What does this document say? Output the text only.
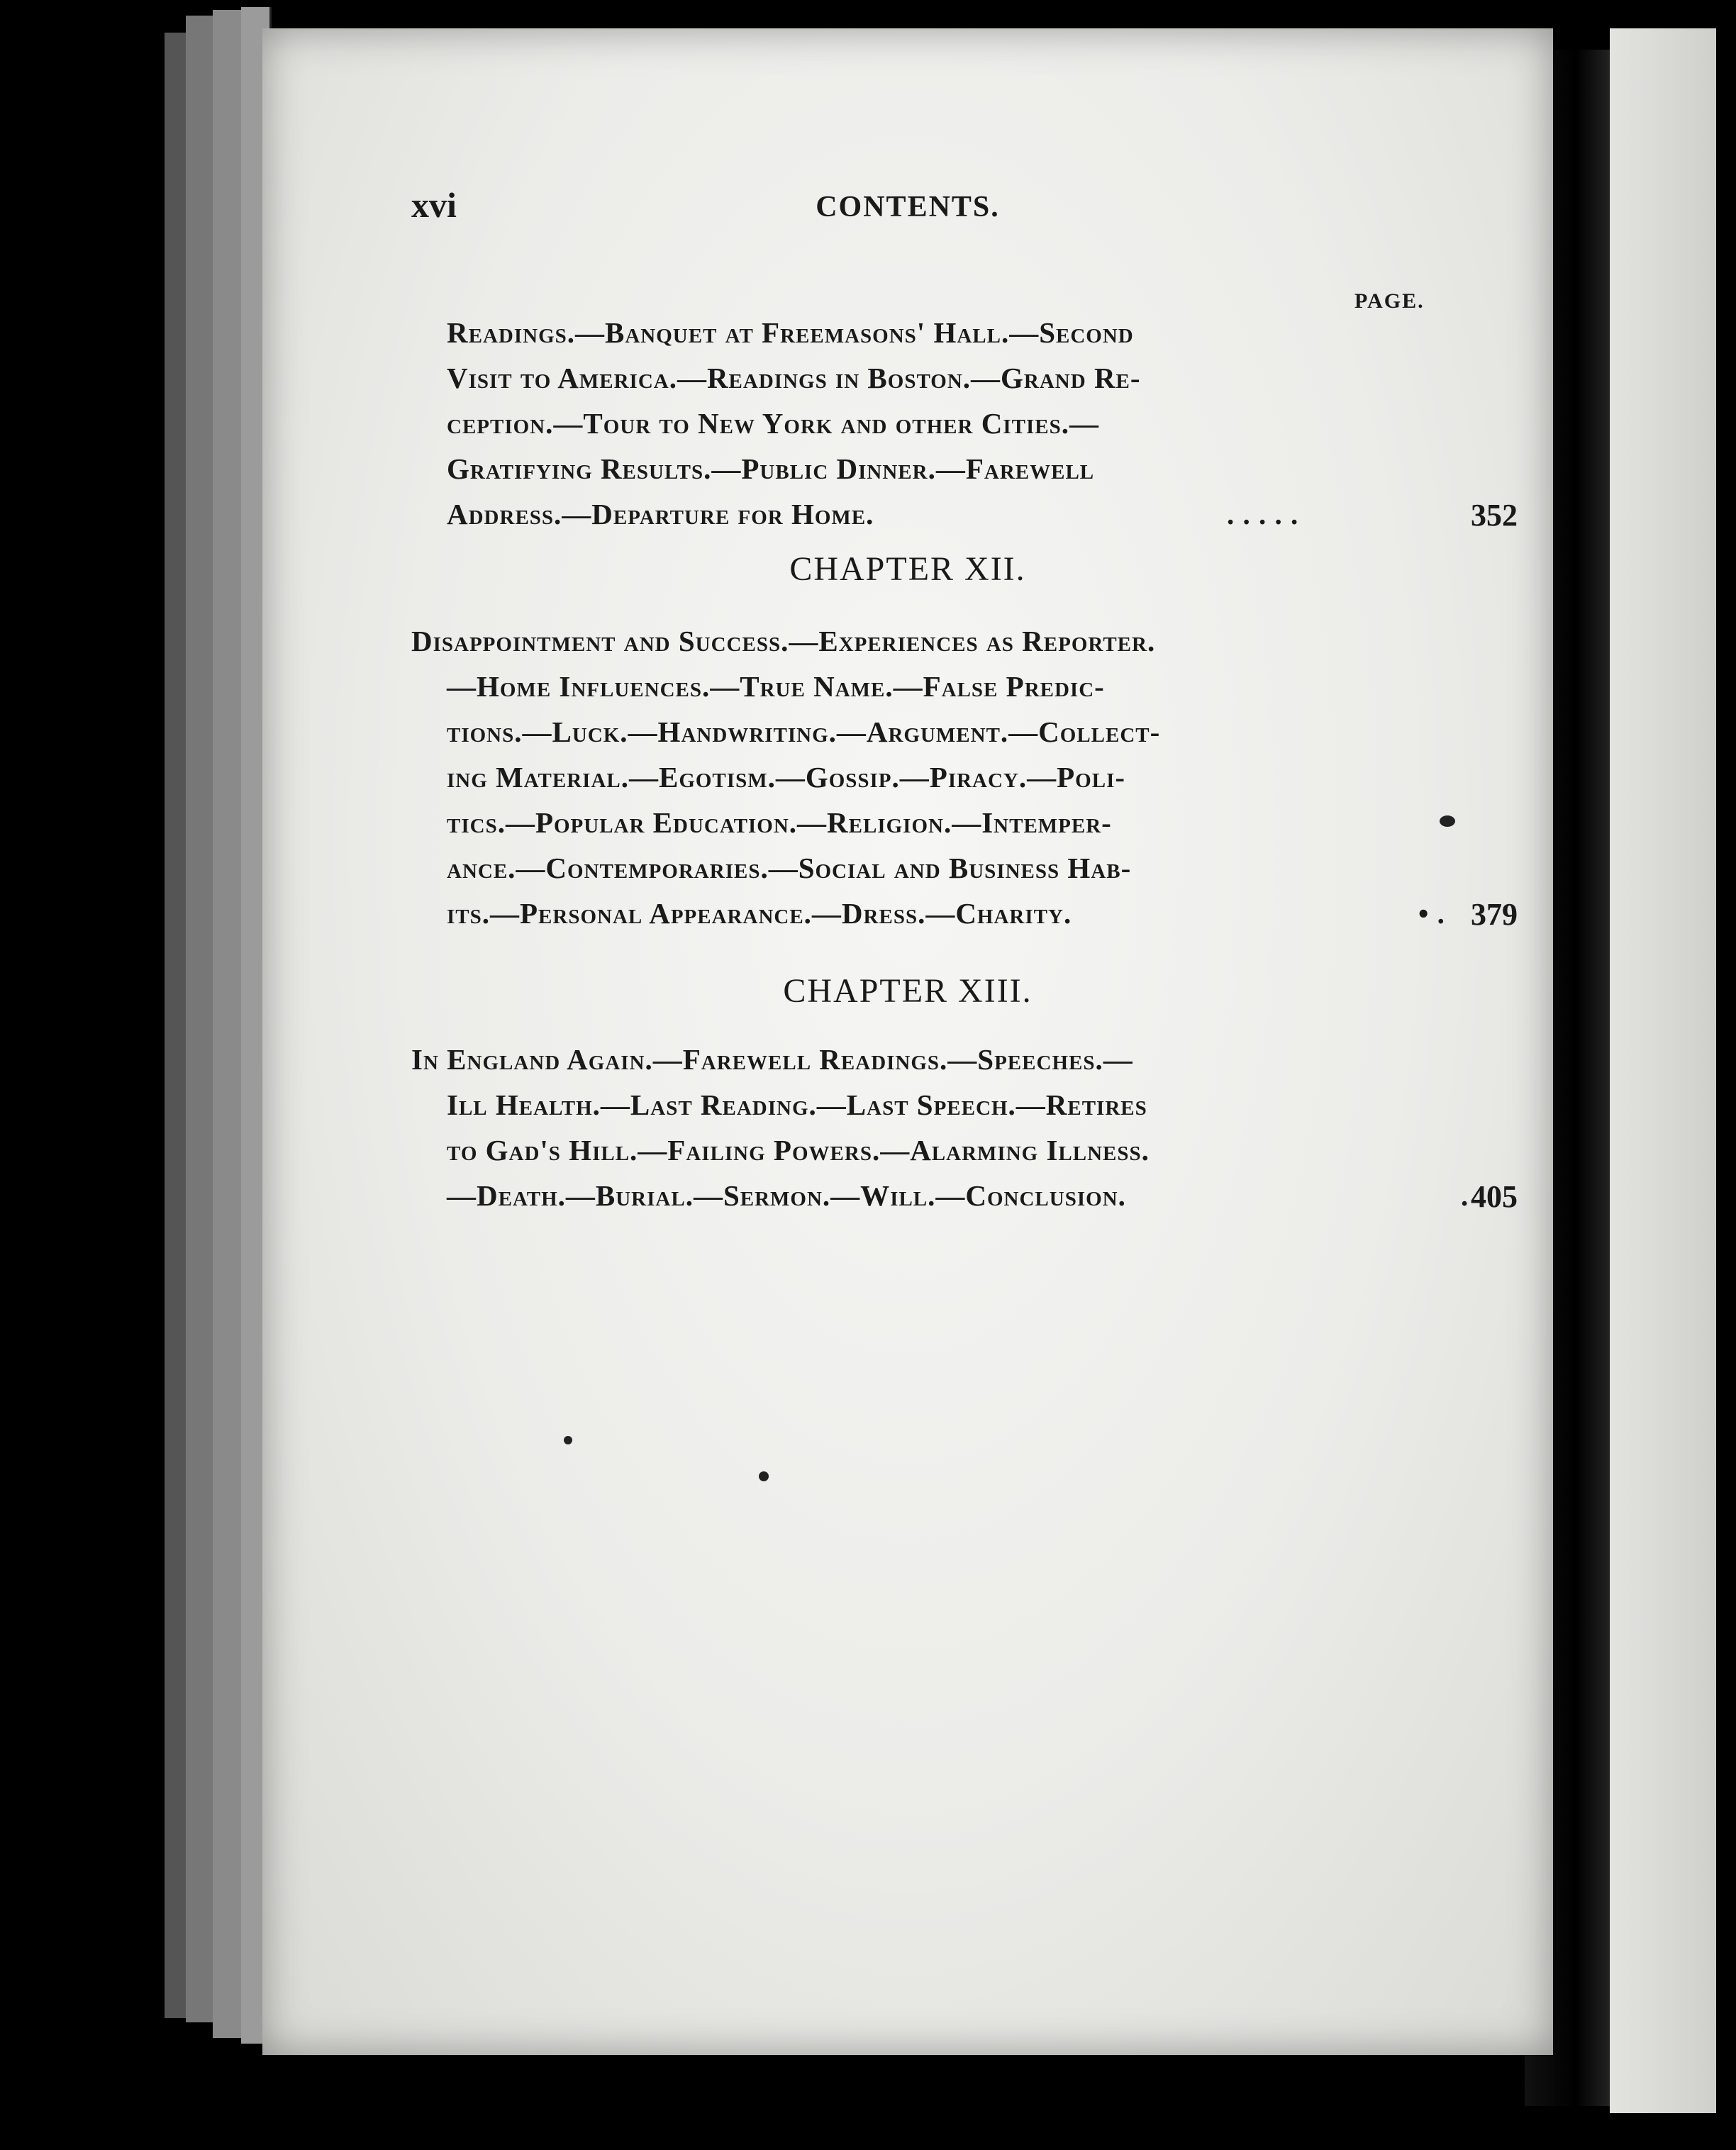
xvi	CONTENTS.
PAGE.
Readings.—Banquet at Freemasons' Hall.—Second
Visit to America.—Readings in Boston.—Grand Re-
ception.—Tour to New York and other Cities.—
Gratifying Results.—Public Dinner.—Farewell
Address.—Departure for Home.	. . . . .	352
CHAPTER XII.
Disappointment and Success.—Experiences as Reporter.
—Home Influences.—True Name.—False Predic-
tions.—Luck.—Handwriting.—Argument.—Collect-
ing Material.—Egotism.—Gossip.—Piracy.—Poli-
tics.—Popular Education.—Religion.—Intemper-
ance.—Contemporaries.—Social and Business Hab-
its.—Personal Appearance.—Dress.—Charity.	• . 379
CHAPTER XIII.
In England Again.—Farewell Readings.—Speeches.—
Ill Health.—Last Reading.—Last Speech.—Retires
to Gad's Hill.—Failing Powers.—Alarming Illness.
—Death.—Burial.—Sermon.—Will.—Conclusion.	. 405
